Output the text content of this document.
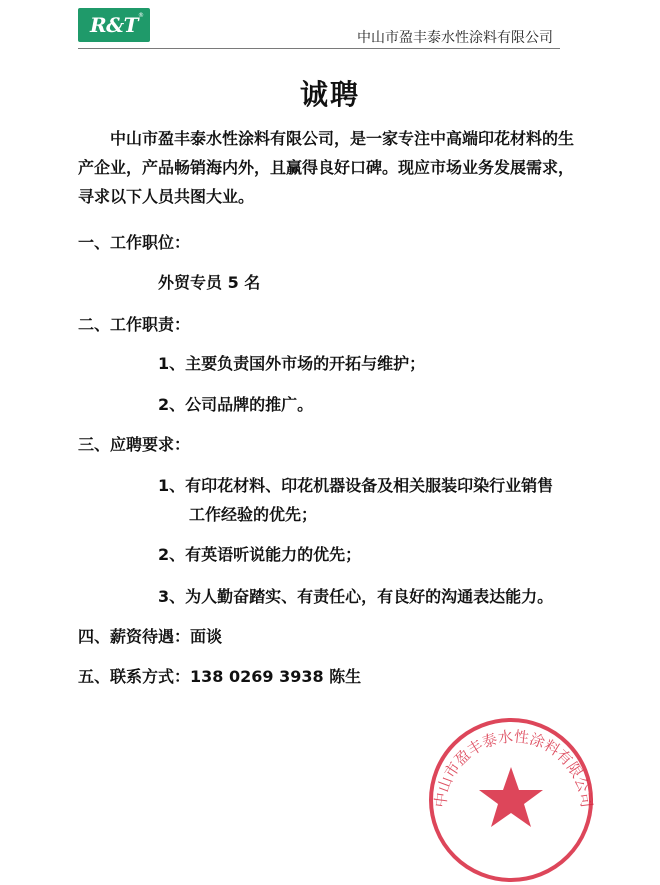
R&T®
中山市盈丰泰水性涂料有限公司
诚聘
中山市盈丰泰水性涂料有限公司，是一家专注中高端印花材料的生产企业，产品畅销海内外，且赢得良好口碑。现应市场业务发展需求，寻求以下人员共图大业。
一、工作职位：
外贸专员 5 名
二、工作职责：
1、主要负责国外市场的开拓与维护；
2、公司品牌的推广。
三、应聘要求：
1、有印花材料、印花机器设备及相关服装印染行业销售
工作经验的优先；
2、有英语听说能力的优先；
3、为人勤奋踏实、有责任心，有良好的沟通表达能力。
四、薪资待遇：面谈
五、联系方式：138 0269 3938 陈生
中山市盈丰泰水性涂料有限公司
